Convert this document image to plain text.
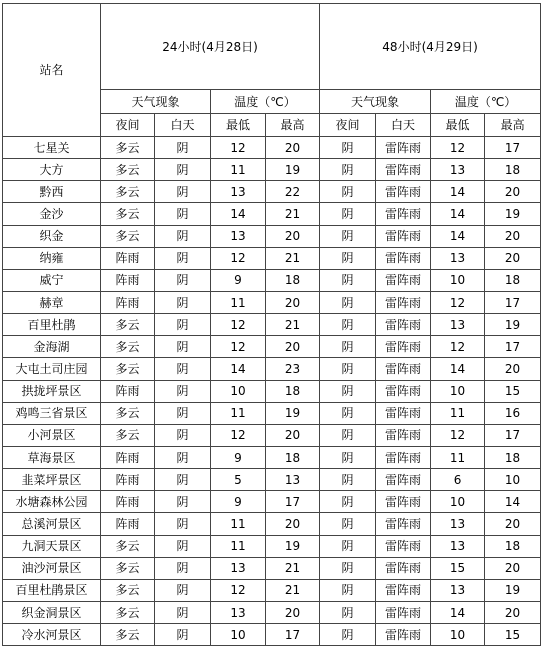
站名	24小时(4月28日)				48小时(4月29日)			
	天气现象		温度（℃）		天气现象		温度（℃）	
	夜间	白天	最低	最高	夜间	白天	最低	最高
七星关	多云	阴	12	20	阴	雷阵雨	12	17
大方	多云	阴	11	19	阴	雷阵雨	13	18
黔西	多云	阴	13	22	阴	雷阵雨	14	20
金沙	多云	阴	14	21	阴	雷阵雨	14	19
织金	多云	阴	13	20	阴	雷阵雨	14	20
纳雍	阵雨	阴	12	21	阴	雷阵雨	13	20
威宁	阵雨	阴	9	18	阴	雷阵雨	10	18
赫章	阵雨	阴	11	20	阴	雷阵雨	12	17
百里杜鹃	多云	阴	12	21	阴	雷阵雨	13	19
金海湖	多云	阴	12	20	阴	雷阵雨	12	17
大屯土司庄园	多云	阴	14	23	阴	雷阵雨	14	20
拱拢坪景区	阵雨	阴	10	18	阴	雷阵雨	10	15
鸡鸣三省景区	多云	阴	11	19	阴	雷阵雨	11	16
小河景区	多云	阴	12	20	阴	雷阵雨	12	17
草海景区	阵雨	阴	9	18	阴	雷阵雨	11	18
韭菜坪景区	阵雨	阴	5	13	阴	雷阵雨	6	10
水塘森林公园	阵雨	阴	9	17	阴	雷阵雨	10	14
总溪河景区	阵雨	阴	11	20	阴	雷阵雨	13	20
九洞天景区	多云	阴	11	19	阴	雷阵雨	13	18
油沙河景区	多云	阴	13	21	阴	雷阵雨	15	20
百里杜鹃景区	多云	阴	12	21	阴	雷阵雨	13	19
织金洞景区	多云	阴	13	20	阴	雷阵雨	14	20
冷水河景区	多云	阴	10	17	阴	雷阵雨	10	15
